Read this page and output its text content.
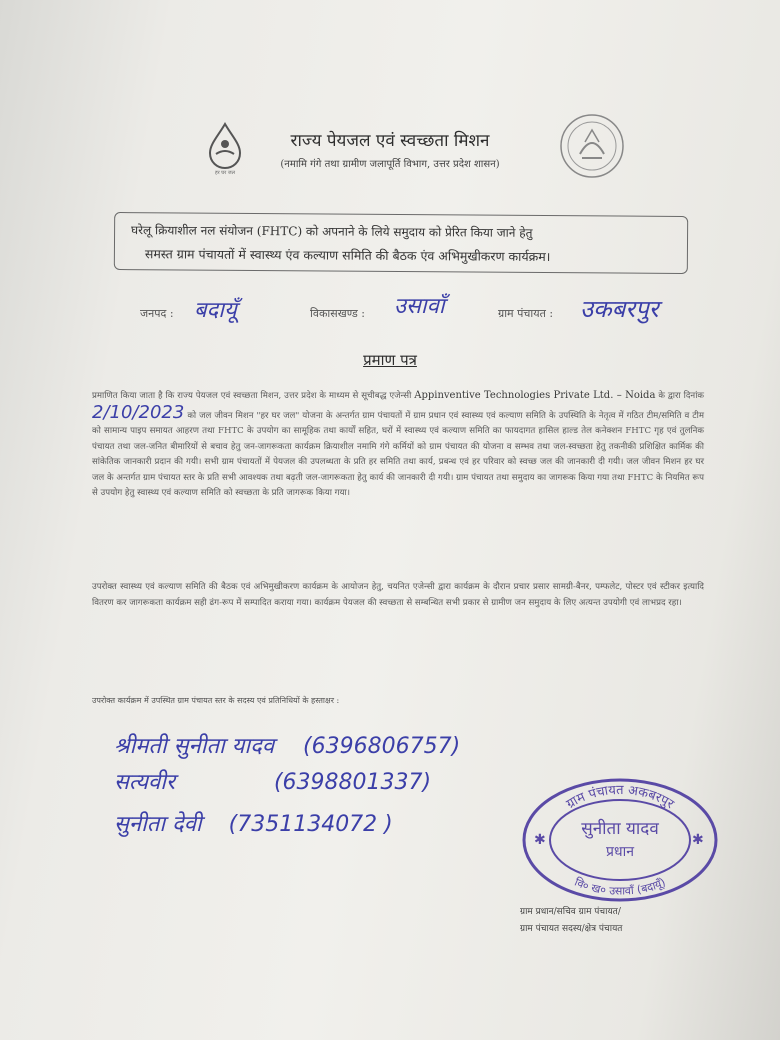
हर घर जल
राज्य पेयजल एवं स्वच्छता मिशन
(नमामि गंगे तथा ग्रामीण जलापूर्ति विभाग, उत्तर प्रदेश शासन)
घरेलू क्रियाशील नल संयोजन (FHTC) को अपनाने के लिये समुदाय को प्रेरित किया जाने हेतु
समस्त ग्राम पंचायतों में स्वास्थ्य एंव कल्याण समिति की बैठक एंव अभिमुखीकरण कार्यक्रम।
जनपद : बदायूँ	विकासखण्ड : उसावाँ	ग्राम पंचायत : उकबरपुर
प्रमाण पत्र
प्रमाणित किया जाता है कि राज्य पेयजल एवं स्वच्छता मिशन, उत्तर प्रदेश के माध्यम से सूचीबद्ध एजेन्सी Appinventive Technologies Private Ltd. – Noida के द्वारा दिनांक 2/10/2023 को जल जीवन मिशन "हर घर जल" योजना के अन्तर्गत ग्राम पंचायतों में ग्राम प्रधान एवं स्वास्थ्य एवं कल्याण समिति के उपस्थिति के नेतृत्व में गठित टीम/समिति व टीम को सामान्य पाइप समायत आहरण तथा FHTC के उपयोग का सामूहिक तथा कार्यों सहित, घरों में स्वास्थ्य एवं कल्याण समिति का फायदागत हासिल हाल्ड तेल कनेक्शन FHTC गृह एवं तुलनिक पंचायत तथा जल-जनित बीमारियों से बचाव हेतु जन-जागरूकता कार्यक्रम क्रियाशील नमामि गंगे कर्मियों को ग्राम पंचायत की योजना व सम्भव तथा जल-स्वच्छता हेतु तकनीकी प्रशिक्षित कार्मिक की सांकेतिक जानकारी प्रदान की गयी। सभी ग्राम पंचायतों में पेयजल की उपलब्धता के प्रति हर समिति तथा कार्य, प्रबन्ध एवं हर परिवार को स्वच्छ जल की जानकारी दी गयी। जल जीवन मिशन हर घर जल के अन्तर्गत ग्राम पंचायत स्तर के प्रति सभी आवश्यक तथा बढ़ती जल-जागरूकता हेतु कार्य की जानकारी दी गयी। ग्राम पंचायत तथा समुदाय का जागरूक किया गया तथा FHTC के नियमित रूप से उपयोग हेतु स्वास्थ्य एवं कल्याण समिति को स्वच्छता के प्रति जागरूक किया गया।
उपरोक्त स्वास्थ्य एवं कल्याण समिति की बैठक एवं अभिमुखीकरण कार्यक्रम के आयोजन हेतु, चयनित एजेन्सी द्वारा कार्यक्रम के दौरान प्रचार प्रसार सामग्री-बैनर, पम्फलेट, पोस्टर एवं स्टीकर इत्यादि वितरण कर जागरूकता कार्यक्रम सही ढंग-रूप में सम्पादित कराया गया। कार्यक्रम पेयजल की स्वच्छता से सम्बन्धित सभी प्रकार से ग्रामीण जन समुदाय के लिए अत्यन्त उपयोगी एवं लाभप्रद रहा।
उपरोक्त कार्यक्रम में उपस्थित ग्राम पंचायत स्तर के सदस्य एवं प्रतिनिधियों के हस्ताक्षर :
श्रीमती सुनीता यादव (6396806757)
सत्यवीर	(6398801337)
सुनीता देवी (7351134072 )
ग्राम पंचायत अकबरपुर
सुनीता यादव
प्रधान
वि० ख० उसावाँ (बदायूँ)
✱	✱
ग्राम प्रधान/सचिव ग्राम पंचायत/
ग्राम पंचायत सदस्य/क्षेत्र पंचायत
